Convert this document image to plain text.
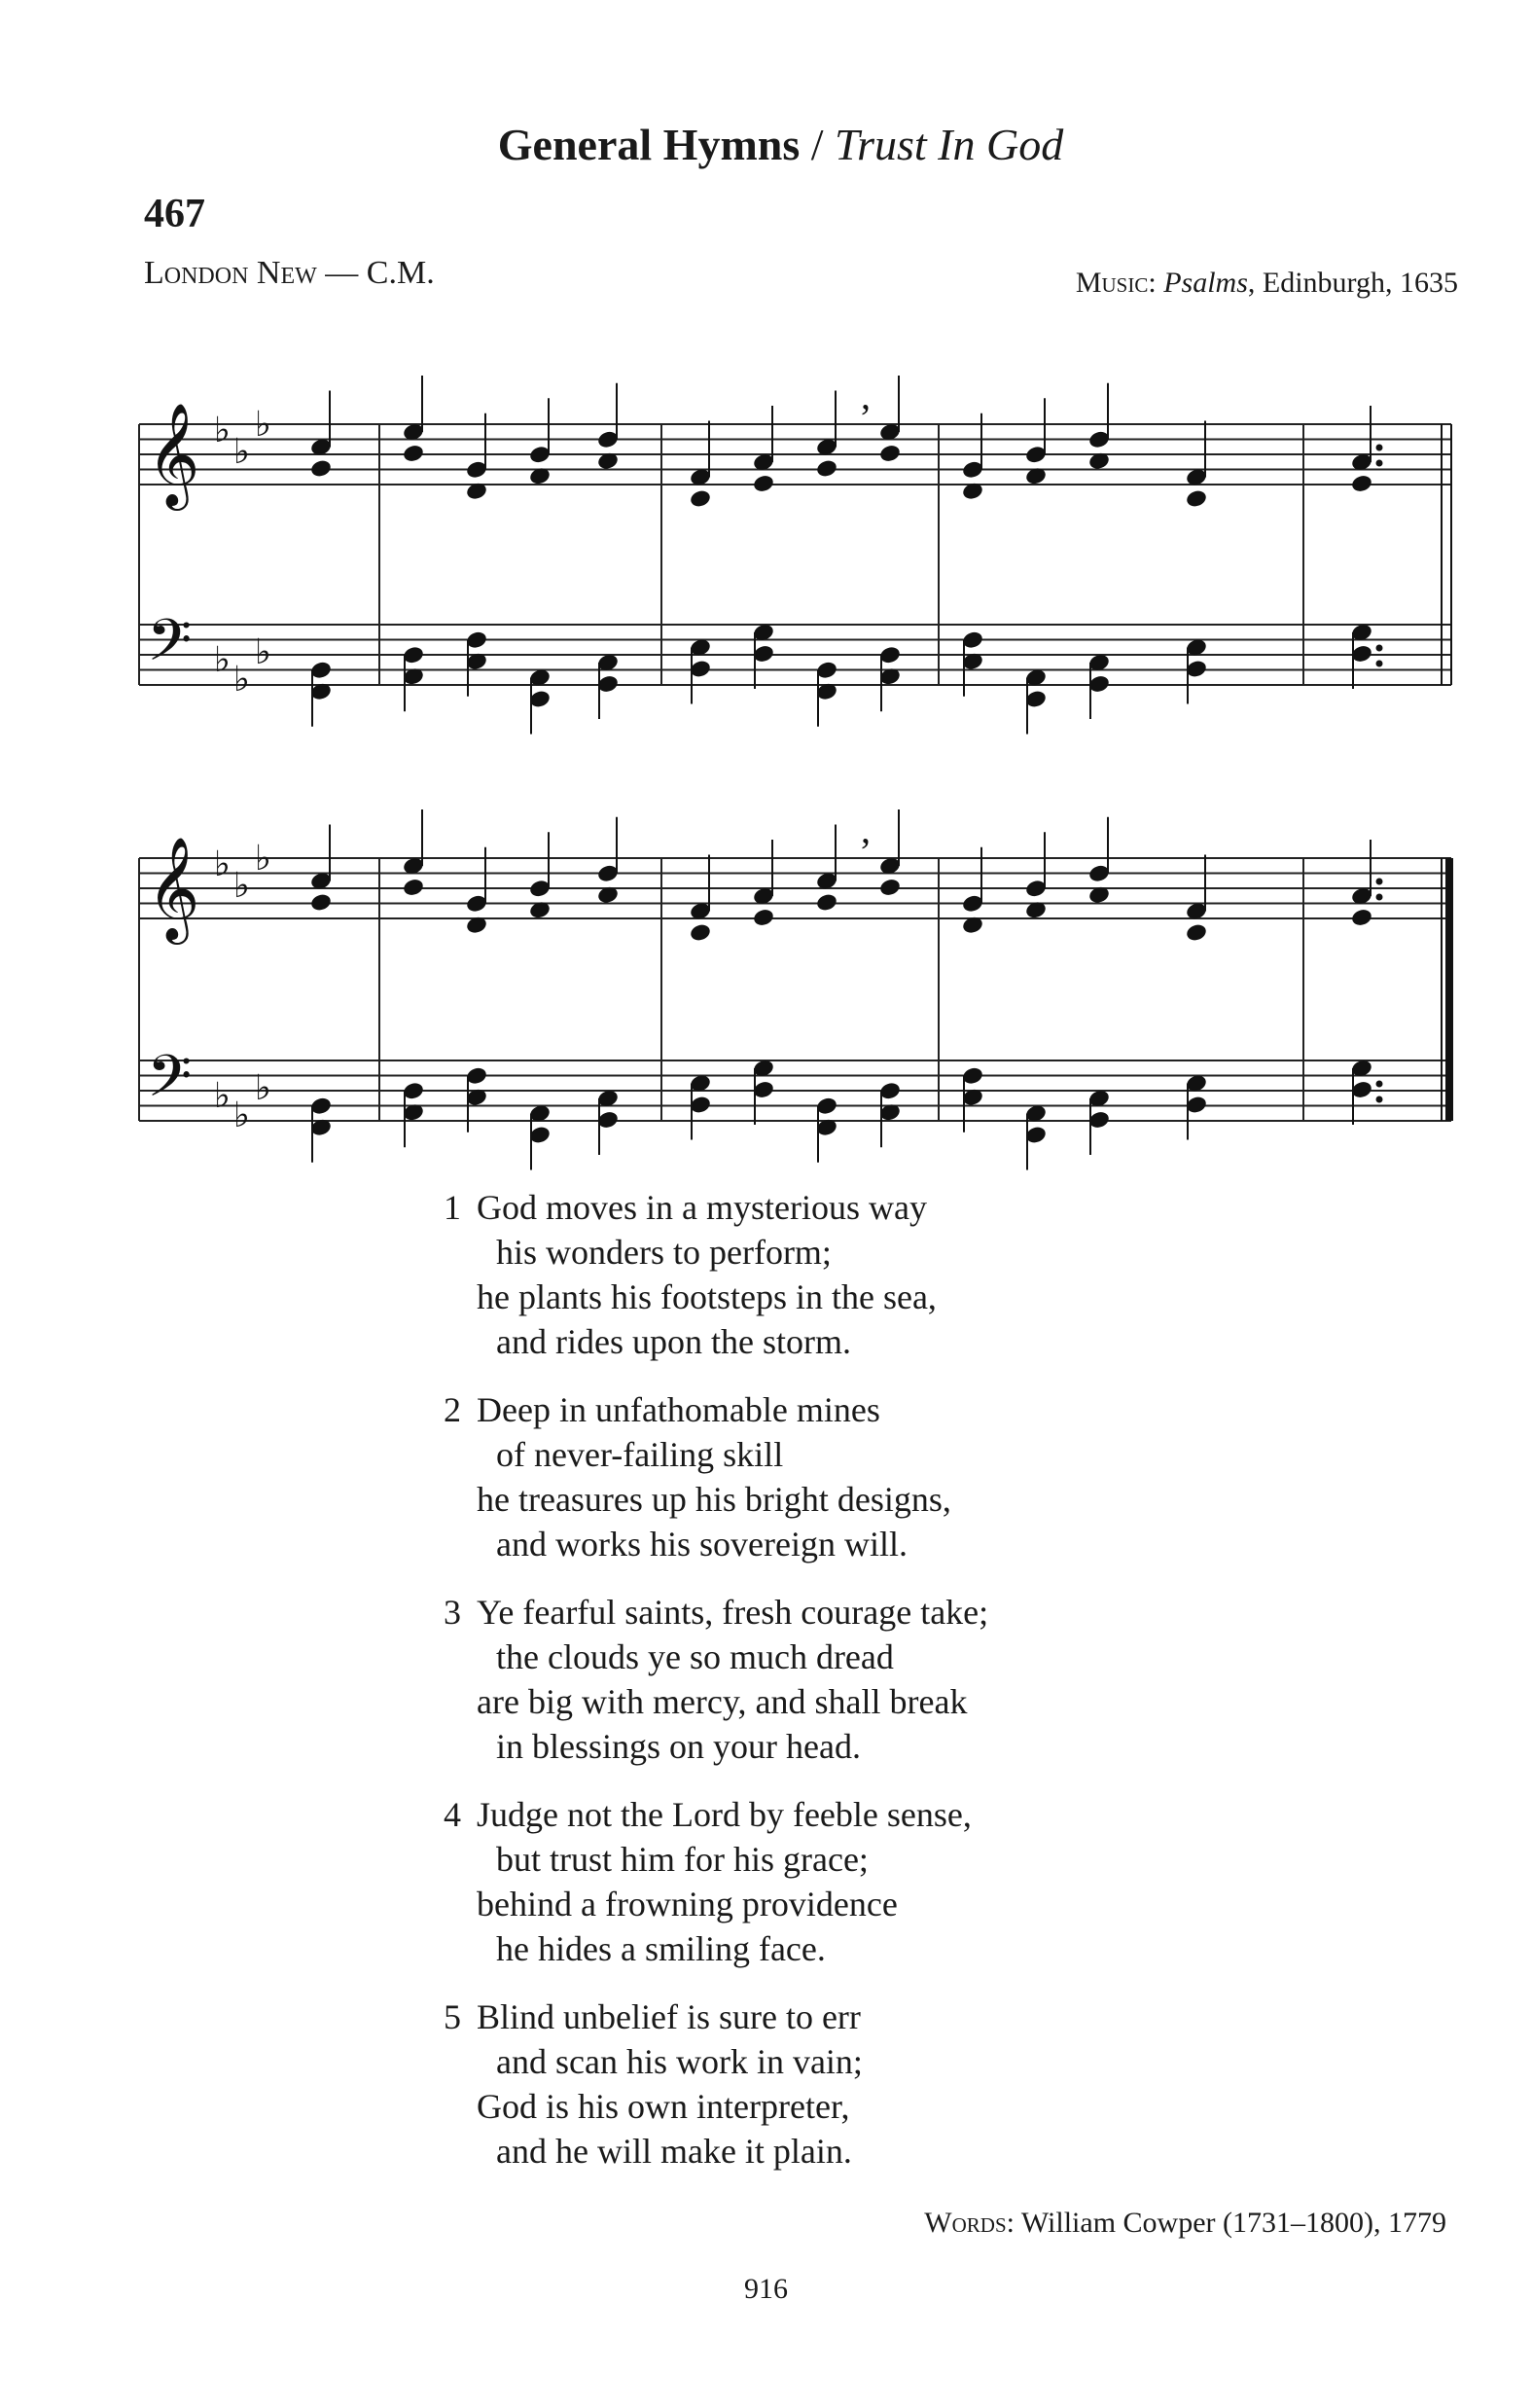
General Hymns / Trust In God
467
London New — C.M.	Music: Psalms, Edinburgh, 1635
𝄞
𝄢
♭
♭
♭
♭ ♭
♭
,
𝄞
𝄢
♭
♭
♭
♭ ♭
♭
,
1 God moves in a mysterious way
his wonders to perform;
he plants his footsteps in the sea,
and rides upon the storm.
2 Deep in unfathomable mines
of never-failing skill
he treasures up his bright designs,
and works his sovereign will.
3 Ye fearful saints, fresh courage take;
the clouds ye so much dread
are big with mercy, and shall break
in blessings on your head.
4 Judge not the Lord by feeble sense,
but trust him for his grace;
behind a frowning providence
he hides a smiling face.
5 Blind unbelief is sure to err
and scan his work in vain;
God is his own interpreter,
and he will make it plain.
Words: William Cowper (1731–1800), 1779
916
